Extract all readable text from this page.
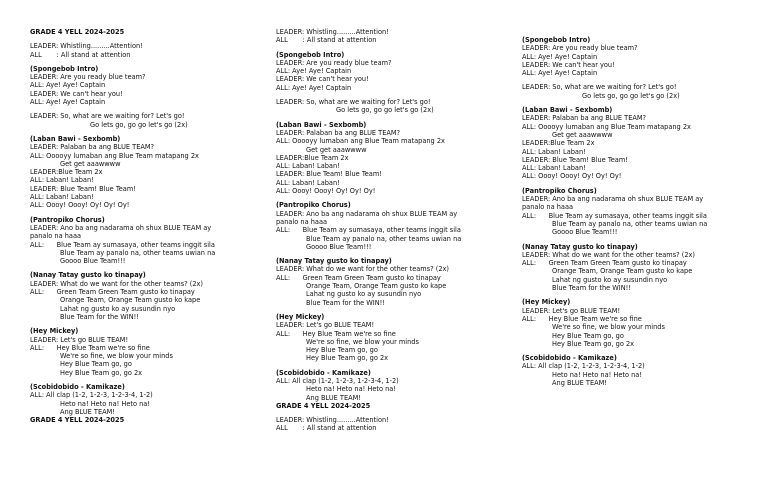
GRADE 4 YELL 2024-2025
LEADER: Whistling.........Attention!
ALL       : All stand at attention
(Spongebob Intro)
LEADER: Are you ready blue team?
ALL: Aye! Aye! Captain
LEADER: We can't hear you!
ALL: Aye! Aye! Captain
LEADER: So, what are we waiting for? Let's go!
Go lets go, go go let's go (2x)
(Laban Bawi - Sexbomb)
LEADER: Palaban ba ang BLUE TEAM?
ALL: Ooooyy lumaban ang Blue Team matapang 2x
Get get aaawwww
LEADER:Blue Team 2x
ALL: Laban! Laban!
LEADER: Blue Team! Blue Team!
ALL: Laban! Laban!
ALL: Oooy! Oooy! Oy! Oy! Oy!
(Pantropiko Chorus)
LEADER: Ano ba ang nadarama oh shux BLUE TEAM ay
panalo na haaa
ALL:      Blue Team ay sumasaya, other teams inggit sila
Blue Team ay panalo na, other teams uwian na
Goooo Blue Team!!!
(Nanay Tatay gusto ko tinapay)
LEADER: What do we want for the other teams? (2x)
ALL:      Green Team Green Team gusto ko tinapay
Orange Team, Orange Team gusto ko kape
Lahat ng gusto ko ay susundin nyo
Blue Team for the WIN!!
(Hey Mickey)
LEADER: Let's go BLUE TEAM!
ALL:      Hey Blue Team we're so fine
We're so fine, we blow your minds
Hey Blue Team go, go
Hey Blue Team go, go 2x
(Scobidobido - Kamikaze)
ALL: All clap (1-2, 1-2-3, 1-2-3-4, 1-2)
Heto na! Heto na! Heto na!
Ang BLUE TEAM!
GRADE 4 YELL 2024-2025
LEADER: Whistling.........Attention!
ALL       : All stand at attention
(Spongebob Intro)
LEADER: Are you ready blue team?
ALL: Aye! Aye! Captain
LEADER: We can't hear you!
ALL: Aye! Aye! Captain
LEADER: So, what are we waiting for? Let's go!
Go lets go, go go let's go (2x)
(Laban Bawi - Sexbomb)
LEADER: Palaban ba ang BLUE TEAM?
ALL: Ooooyy lumaban ang Blue Team matapang 2x
Get get aaawwww
LEADER:Blue Team 2x
ALL: Laban! Laban!
LEADER: Blue Team! Blue Team!
ALL: Laban! Laban!
ALL: Oooy! Oooy! Oy! Oy! Oy!
(Pantropiko Chorus)
LEADER: Ano ba ang nadarama oh shux BLUE TEAM ay
panalo na haaa
ALL:      Blue Team ay sumasaya, other teams inggit sila
Blue Team ay panalo na, other teams uwian na
Goooo Blue Team!!!
(Nanay Tatay gusto ko tinapay)
LEADER: What do we want for the other teams? (2x)
ALL:      Green Team Green Team gusto ko tinapay
Orange Team, Orange Team gusto ko kape
Lahat ng gusto ko ay susundin nyo
Blue Team for the WIN!!
(Hey Mickey)
LEADER: Let's go BLUE TEAM!
ALL:      Hey Blue Team we're so fine
We're so fine, we blow your minds
Hey Blue Team go, go
Hey Blue Team go, go 2x
(Scobidobido - Kamikaze)
ALL: All clap (1-2, 1-2-3, 1-2-3-4, 1-2)
Heto na! Heto na! Heto na!
Ang BLUE TEAM!
GRADE 4 YELL 2024-2025
LEADER: Whistling.........Attention!
ALL       : All stand at attention
(Spongebob Intro)
LEADER: Are you ready blue team?
ALL: Aye! Aye! Captain
LEADER: We can't hear you!
ALL: Aye! Aye! Captain
LEADER: So, what are we waiting for? Let's go!
Go lets go, go go let's go (2x)
(Laban Bawi - Sexbomb)
LEADER: Palaban ba ang BLUE TEAM?
ALL: Ooooyy lumaban ang Blue Team matapang 2x
Get get aaawwww
LEADER:Blue Team 2x
ALL: Laban! Laban!
LEADER: Blue Team! Blue Team!
ALL: Laban! Laban!
ALL: Oooy! Oooy! Oy! Oy! Oy!
(Pantropiko Chorus)
LEADER: Ano ba ang nadarama oh shux BLUE TEAM ay
panalo na haaa
ALL:      Blue Team ay sumasaya, other teams inggit sila
Blue Team ay panalo na, other teams uwian na
Goooo Blue Team!!!
(Nanay Tatay gusto ko tinapay)
LEADER: What do we want for the other teams? (2x)
ALL:      Green Team Green Team gusto ko tinapay
Orange Team, Orange Team gusto ko kape
Lahat ng gusto ko ay susundin nyo
Blue Team for the WIN!!
(Hey Mickey)
LEADER: Let's go BLUE TEAM!
ALL:      Hey Blue Team we're so fine
We're so fine, we blow your minds
Hey Blue Team go, go
Hey Blue Team go, go 2x
(Scobidobido - Kamikaze)
ALL: All clap (1-2, 1-2-3, 1-2-3-4, 1-2)
Heto na! Heto na! Heto na!
Ang BLUE TEAM!
